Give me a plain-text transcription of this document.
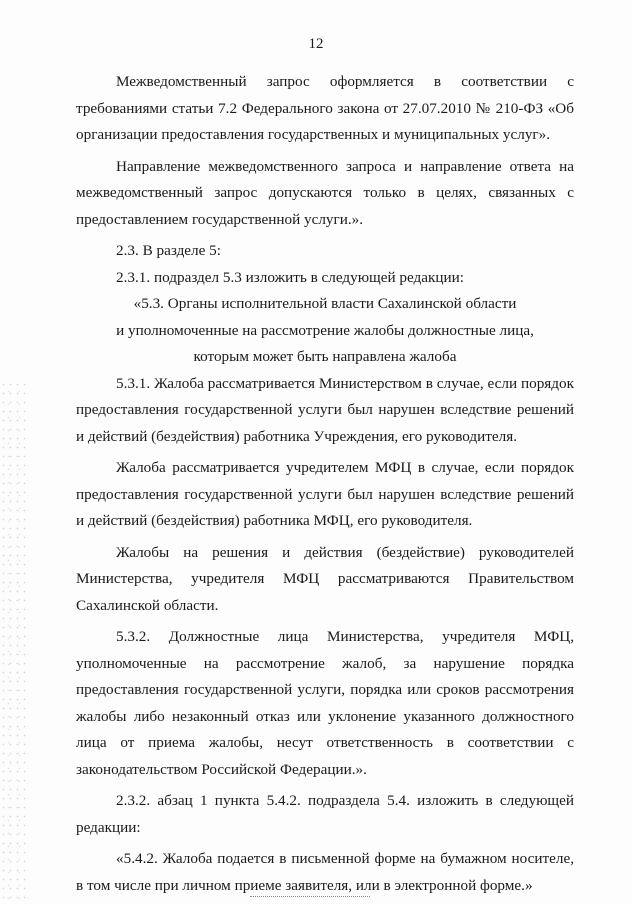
12

Межведомственный запрос оформляется в соответствии с требованиями статьи 7.2 Федерального закона от 27.07.2010 № 210-ФЗ «Об организации предоставления государственных и муниципальных услуг».

Направление межведомственного запроса и направление ответа на межведомственный запрос допускаются только в целях, связанных с предоставлением государственной услуги.».

2.3. В разделе 5:

2.3.1. подраздел 5.3 изложить в следующей редакции:

«5.3. Органы исполнительной власти Сахалинской области
и уполномоченные на рассмотрение жалобы должностные лица,
которым может быть направлена жалоба

5.3.1. Жалоба рассматривается Министерством в случае, если порядок предоставления государственной услуги был нарушен вследствие решений и действий (бездействия) работника Учреждения, его руководителя.

Жалоба рассматривается учредителем МФЦ в случае, если порядок предоставления государственной услуги был нарушен вследствие решений и действий (бездействия) работника МФЦ, его руководителя.

Жалобы на решения и действия (бездействие) руководителей Министерства, учредителя МФЦ рассматриваются Правительством Сахалинской области.

5.3.2. Должностные лица Министерства, учредителя МФЦ, уполномоченные на рассмотрение жалоб, за нарушение порядка предоставления государственной услуги, порядка или сроков рассмотрения жалобы либо незаконный отказ или уклонение указанного должностного лица от приема жалобы, несут ответственность в соответствии с законодательством Российской Федерации.».

2.3.2. абзац 1 пункта 5.4.2. подраздела 5.4. изложить в следующей редакции:

«5.4.2. Жалоба подается в письменной форме на бумажном носителе, в том числе при личном приеме заявителя, или в электронной форме.»
